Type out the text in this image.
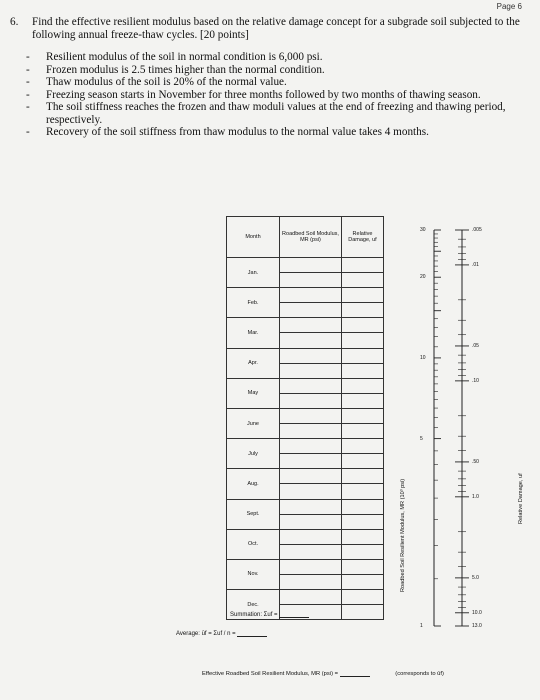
Page 6
6. Find the effective resilient modulus based on the relative damage concept for a subgrade soil subjected to the following annual freeze-thaw cycles. [20 points]
- Resilient modulus of the soil in normal condition is 6,000 psi.
- Frozen modulus is 2.5 times higher than the normal condition.
- Thaw modulus of the soil is 20% of the normal value.
- Freezing season starts in November for three months followed by two months of thawing season.
- The soil stiffness reaches the frozen and thaw moduli values at the end of freezing and thawing period, respectively.
- Recovery of the soil stiffness from thaw modulus to the normal value takes 4 months.
Month	Roadbed Soil Modulus, MR (psi)	Relative Damage, uf
Jan.	

Feb.	

Mar.	

Apr.	

May	

June	

July	

Aug.	

Sept.	

Oct.	

Nov.	

Dec.	

Summation: Σuf =
Average: ūf = Σuf / n =
Effective Roadbed Soil Resilient Modulus, MR (psi) =	(corresponds to ūf)
Roadbed Soil Resilient Modulus, MR (10³ psi)	Relative Damage, uf
30
20
10
5
1
.005
.01
.05
.10
.50
1.0
5.0
10.0
13.0
